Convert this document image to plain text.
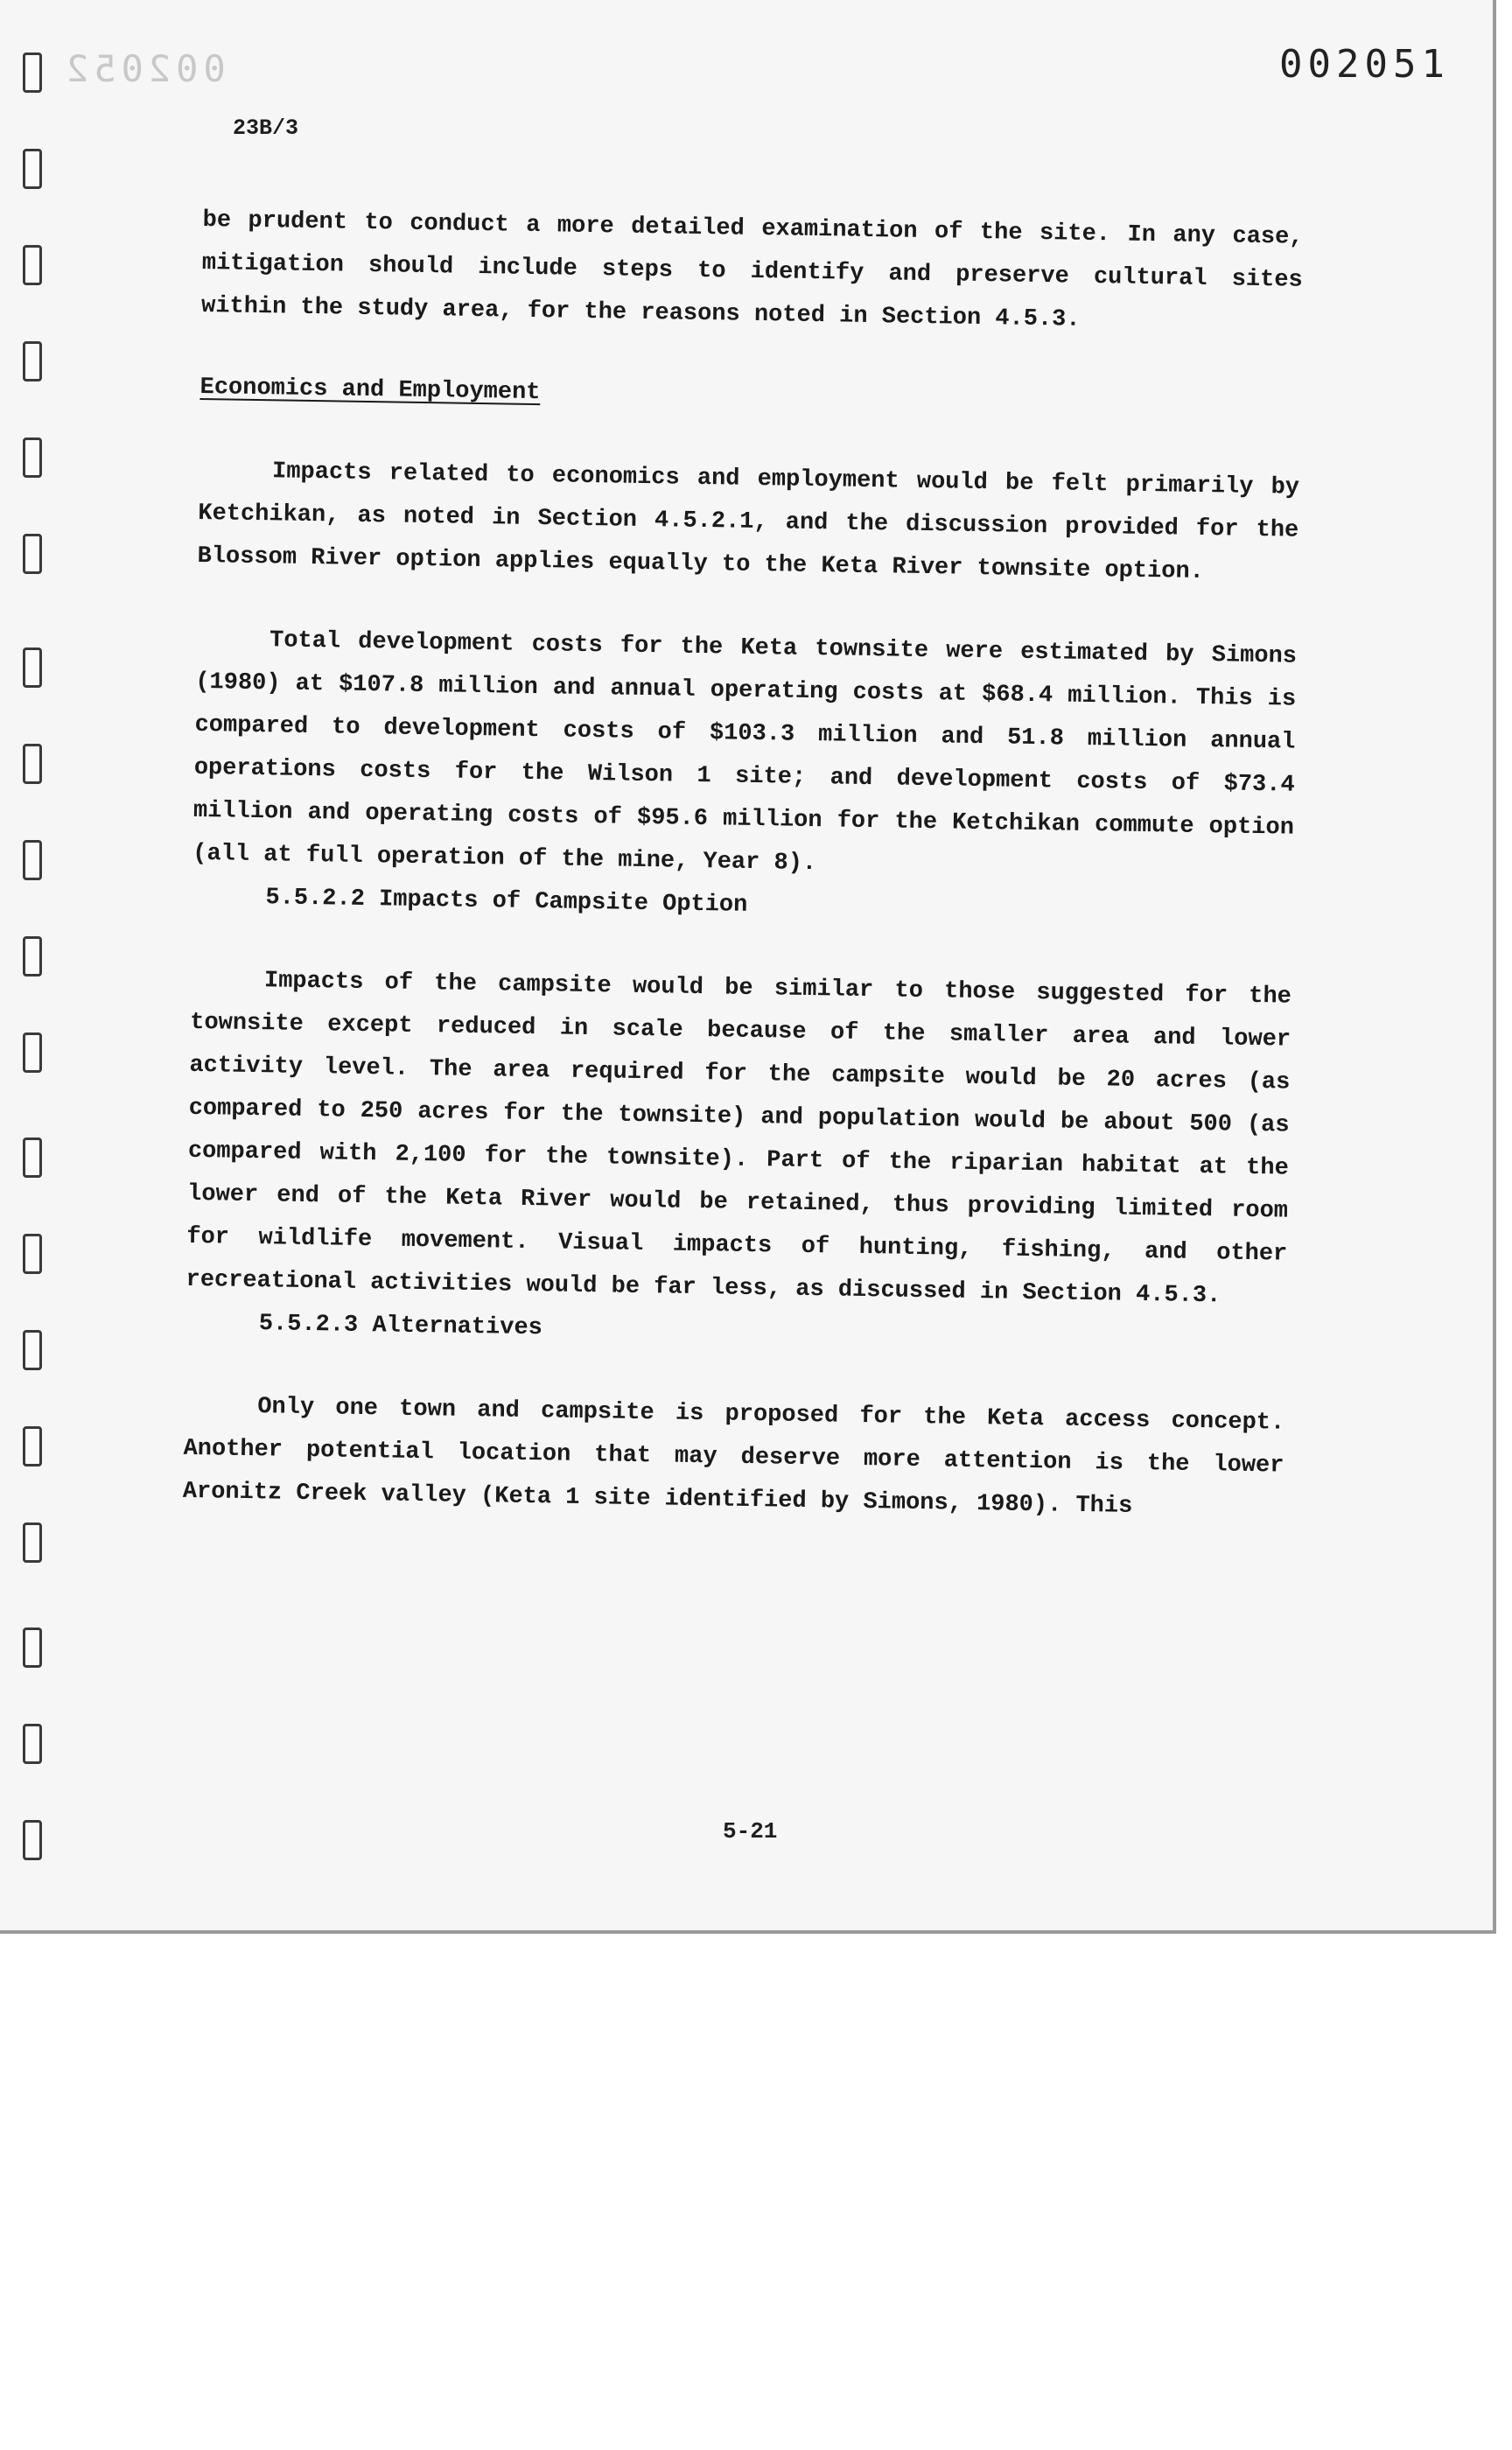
002052	002051
23B/3

be prudent to conduct a more detailed examination of the site. In any case, mitigation should include steps to identify and preserve cultural sites within the study area, for the reasons noted in Section 4.5.3.

Economics and Employment

Impacts related to economics and employment would be felt primarily by Ketchikan, as noted in Section 4.5.2.1, and the discussion provided for the Blossom River option applies equally to the Keta River townsite option.

Total development costs for the Keta townsite were estimated by Simons (1980) at $107.8 million and annual operating costs at $68.4 million. This is compared to development costs of $103.3 million and 51.8 million annual operations costs for the Wilson 1 site; and development costs of $73.4 million and operating costs of $95.6 million for the Ketchikan commute option (all at full operation of the mine, Year 8).

5.5.2.2 Impacts of Campsite Option

Impacts of the campsite would be similar to those suggested for the townsite except reduced in scale because of the smaller area and lower activity level. The area required for the campsite would be 20 acres (as compared to 250 acres for the townsite) and population would be about 500 (as compared with 2,100 for the townsite). Part of the riparian habitat at the lower end of the Keta River would be retained, thus providing limited room for wildlife movement. Visual impacts of hunting, fishing, and other recreational activities would be far less, as discussed in Section 4.5.3.

5.5.2.3 Alternatives

Only one town and campsite is proposed for the Keta access concept. Another potential location that may deserve more attention is the lower Aronitz Creek valley (Keta 1 site identified by Simons, 1980). This

5-21
